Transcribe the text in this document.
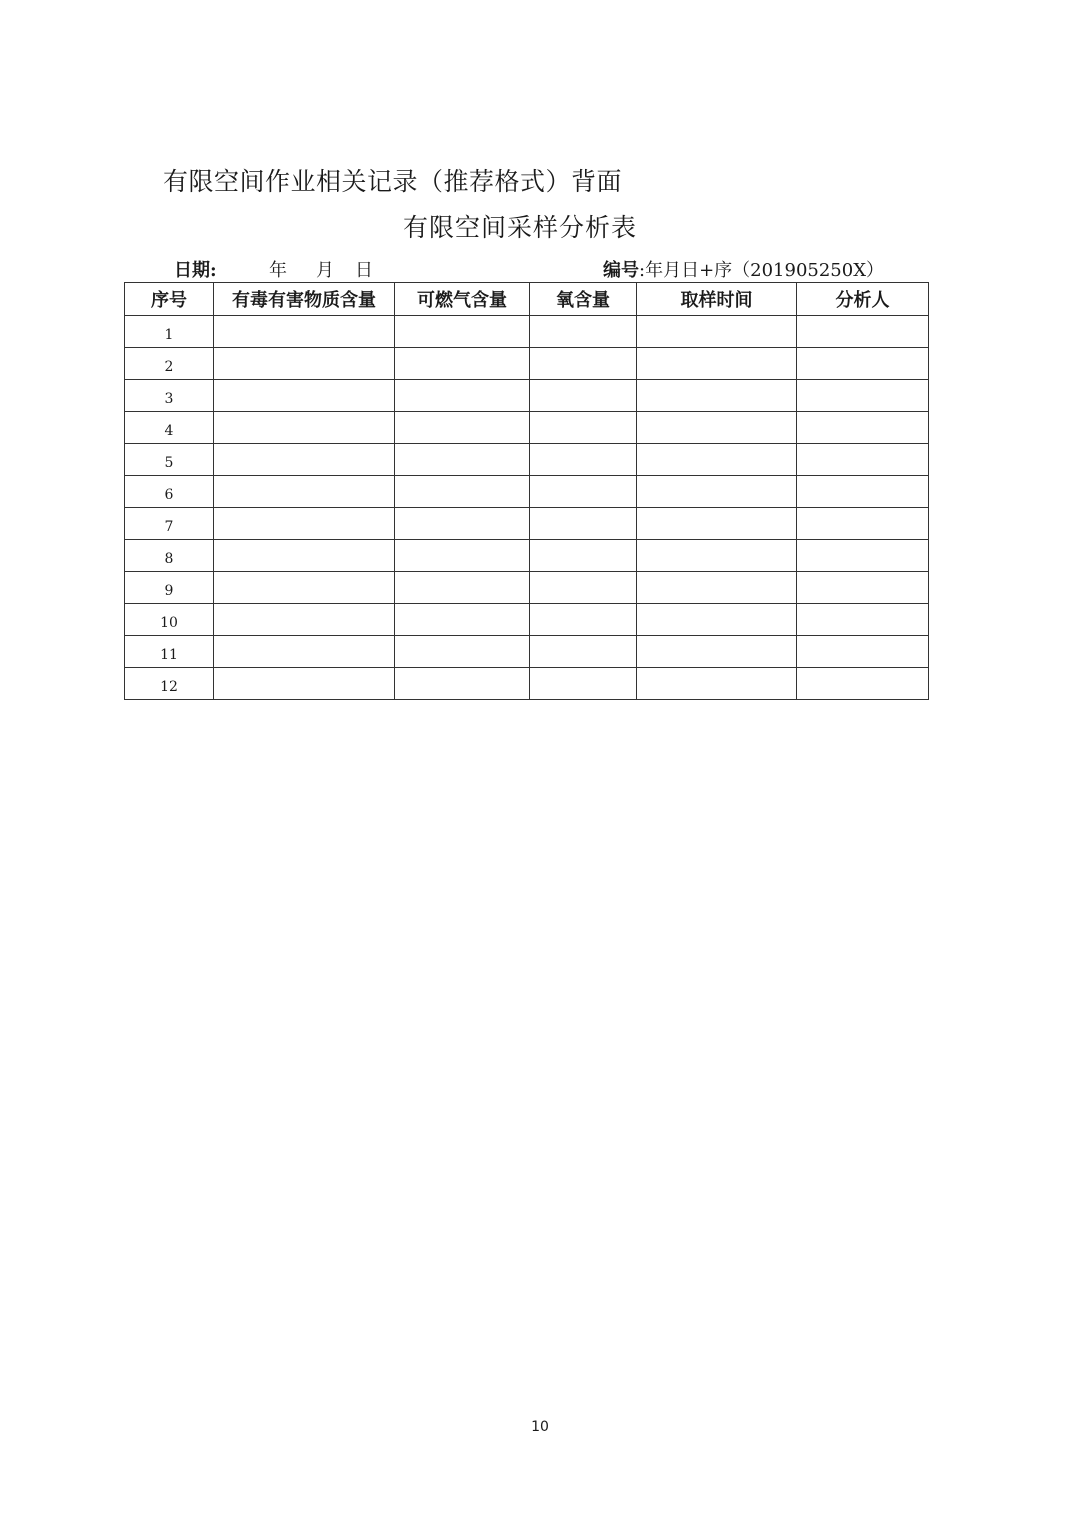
有限空间作业相关记录（推荐格式）背面
有限空间采样分析表
日期:	年 月 日	编号:年月日+序（201905250X）
序号	有毒有害物质含量	可燃气含量	氧含量	取样时间	分析人
1					
2					
3					
4					
5					
6					
7					
8					
9					
10					
11					
12					
10
